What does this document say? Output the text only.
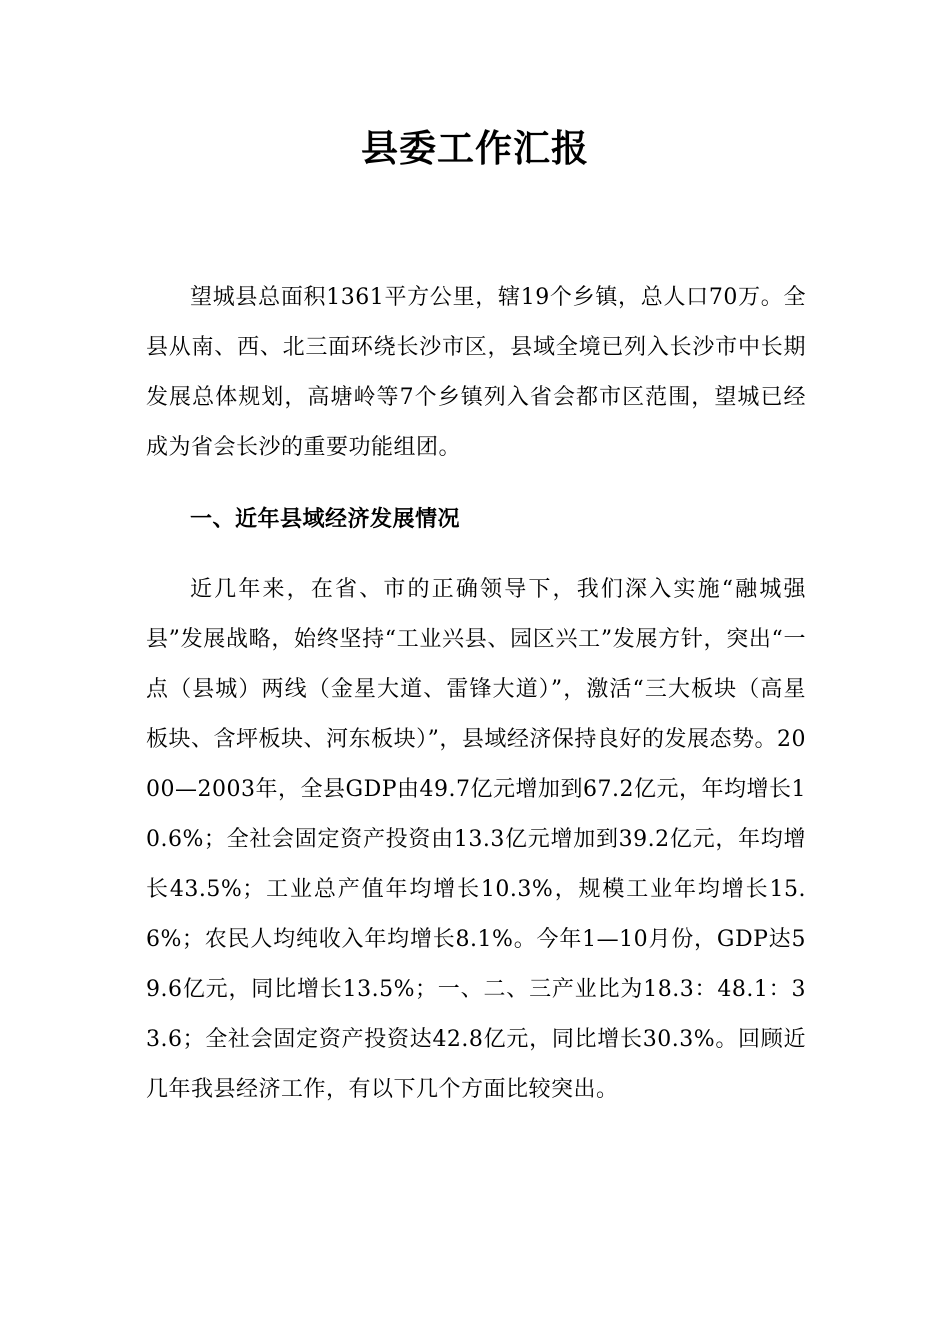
县委工作汇报

望城县总面积1361平方公里，辖19个乡镇，总人口70万。全县从南、西、北三面环绕长沙市区，县域全境已列入长沙市中长期发展总体规划，高塘岭等7个乡镇列入省会都市区范围，望城已经成为省会长沙的重要功能组团。

一、近年县域经济发展情况

近几年来，在省、市的正确领导下，我们深入实施“融城强县”发展战略，始终坚持“工业兴县、园区兴工”发展方针，突出“一点（县城）两线（金星大道、雷锋大道）”，激活“三大板块（高星板块、含坪板块、河东板块）”，县域经济保持良好的发展态势。2000—2003年，全县GDP由49.7亿元增加到67.2亿元，年均增长10.6%；全社会固定资产投资由13.3亿元增加到39.2亿元，年均增长43.5%；工业总产值年均增长10.3%，规模工业年均增长15.6%；农民人均纯收入年均增长8.1%。今年1—10月份，GDP达59.6亿元，同比增长13.5%；一、二、三产业比为18.3：48.1：33.6；全社会固定资产投资达42.8亿元，同比增长30.3%。回顾近几年我县经济工作，有以下几个方面比较突出。
